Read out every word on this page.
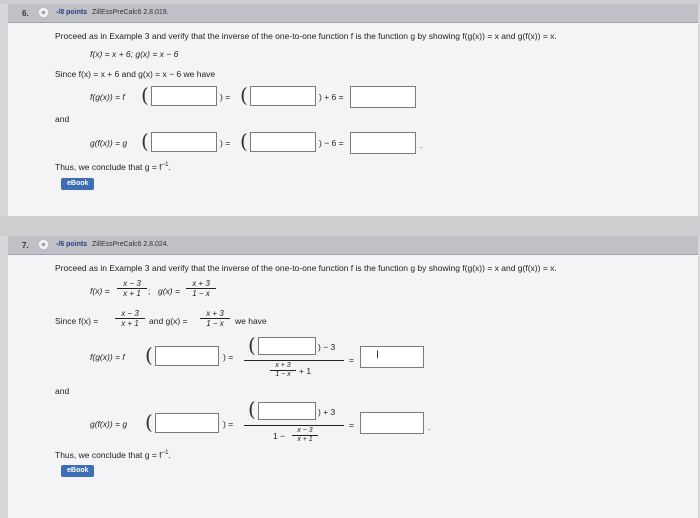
6.	-/8 points ZillEssPreCalc6 2.8.019.
Proceed as in Example 3 and verify that the inverse of the one-to-one function f is the function g by showing f(g(x)) = x and g(f(x)) = x.
f(x) = x + 6; g(x) = x − 6
Since f(x) = x + 6 and g(x) = x − 6 we have
f(g(x)) = f (	) = (	) + 6 =
and
g(f(x)) = g (	) = (	) − 6 =	.
Thus, we conclude that $g = f^{-1}$.
eBook
7.	-/6 points ZillEssPreCalc6 2.8.024.
Proceed as in Example 3 and verify that the inverse of the one-to-one function f is the function g by showing f(g(x)) = x and g(f(x)) = x.
$f(x) = \frac{x - 3}{x + 1}$ ; $g(x) = \frac{x + 3}{1 - x}$
Since $f(x) = \frac{x - 3}{x + 1}$ and $g(x) = \frac{x + 3}{1 - x}$ we have
f(g(x)) = f (	) = (	) − 3
$\frac{x + 3}{1 - x} + 1$
= I
and
g(f(x)) = g (	) =
(	) + 3
$1 - \frac{x - 3}{x + 1}$
=	.
Thus, we conclude that $g = f^{-1}$.
eBook
